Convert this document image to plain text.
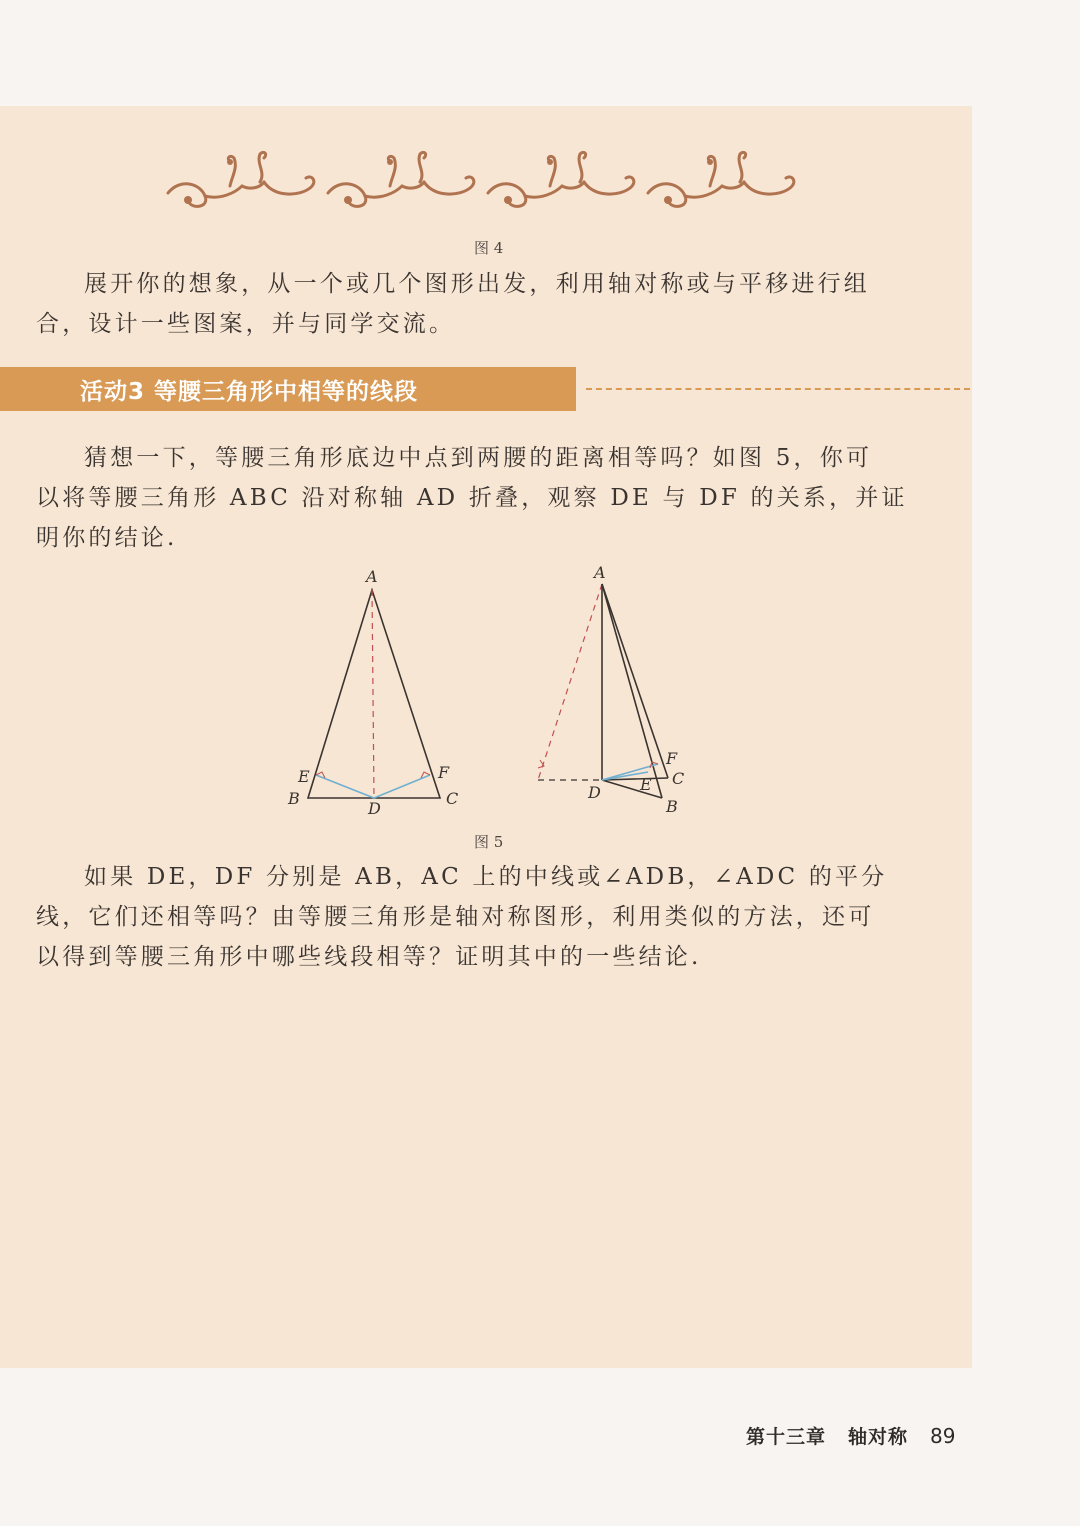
图 4

展开你的想象，从一个或几个图形出发，利用轴对称或与平移进行组

合，设计一些图案，并与同学交流。

活动3 等腰三角形中相等的线段

猜想一下，等腰三角形底边中点到两腰的距离相等吗？如图 5，你可

以将等腰三角形 ABC 沿对称轴 AD 折叠，观察 DE 与 DF 的关系，并证

明你的结论.

A
B	C
D
E	F
A
B
C
D E
F
图 5

如果 DE，DF 分别是 AB，AC 上的中线或∠ADB，∠ADC 的平分

线，它们还相等吗？由等腰三角形是轴对称图形，利用类似的方法，还可

以得到等腰三角形中哪些线段相等？证明其中的一些结论.

第十三章 轴对称 89
